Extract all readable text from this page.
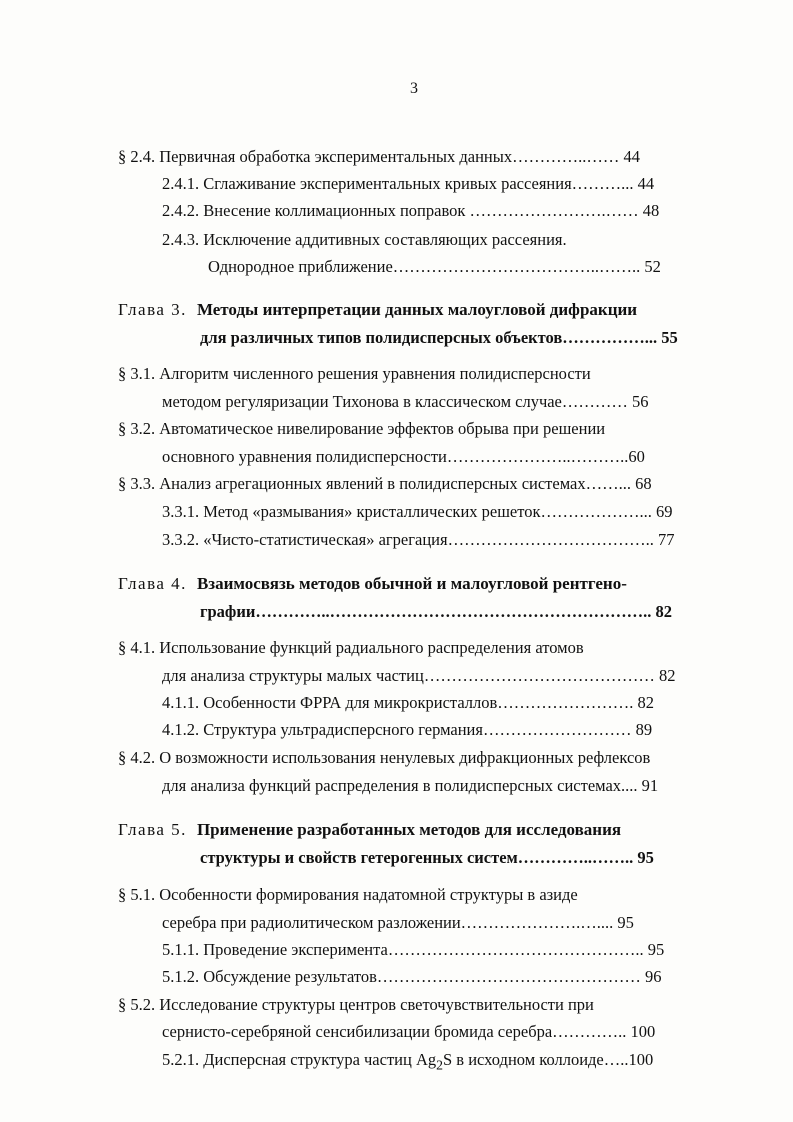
3
§ 2.4. Первичная обработка экспериментальных данных…………..…… 44
2.4.1. Сглаживание экспериментальных кривых рассеяния………... 44
2.4.2. Внесение коллимационных поправок …………………….…… 48
2.4.3. Исключение аддитивных составляющих рассеяния.
Однородное приближение………………………………..…….. 52
Глава 3. Методы интерпретации данных малоугловой дифракции
для различных типов полидисперсных объектов……………... 55
§ 3.1. Алгоритм численного решения уравнения полидисперсности
методом регуляризации Тихонова в классическом случае………… 56
§ 3.2. Автоматическое нивелирование эффектов обрыва при решении
основного уравнения полидисперсности…………………..………..60
§ 3.3. Анализ агрегационных явлений в полидисперсных системах……... 68
3.3.1. Метод «размывания» кристаллических решеток………………... 69
3.3.2. «Чисто-статистическая» агрегация……………………………….. 77
Глава 4. Взаимосвязь методов обычной и малоугловой рентгено-
графии…………..………………………………………………….. 82
§ 4.1. Использование функций радиального распределения атомов
для анализа структуры малых частиц…………………………………… 82
4.1.1. Особенности ФРРА для микрокристаллов……………………. 82
4.1.2. Структура ультрадисперсного германия……………………… 89
§ 4.2. О возможности использования ненулевых дифракционных рефлексов
для анализа функций распределения в полидисперсных системах.... 91
Глава 5. Применение разработанных методов для исследования
структуры и свойств гетерогенных систем…………..…….. 95
§ 5.1. Особенности формирования надатомной структуры в азиде
серебра при радиолитическом разложении………………….….... 95
5.1.1. Проведение эксперимента……………………………………….. 95
5.1.2. Обсуждение результатов………………………………………… 96
§ 5.2. Исследование структуры центров светочувствительности при
сернисто-серебряной сенсибилизации бромида серебра………….. 100
5.2.1. Дисперсная структура частиц $Ag_2S$ в исходном коллоиде…..100
